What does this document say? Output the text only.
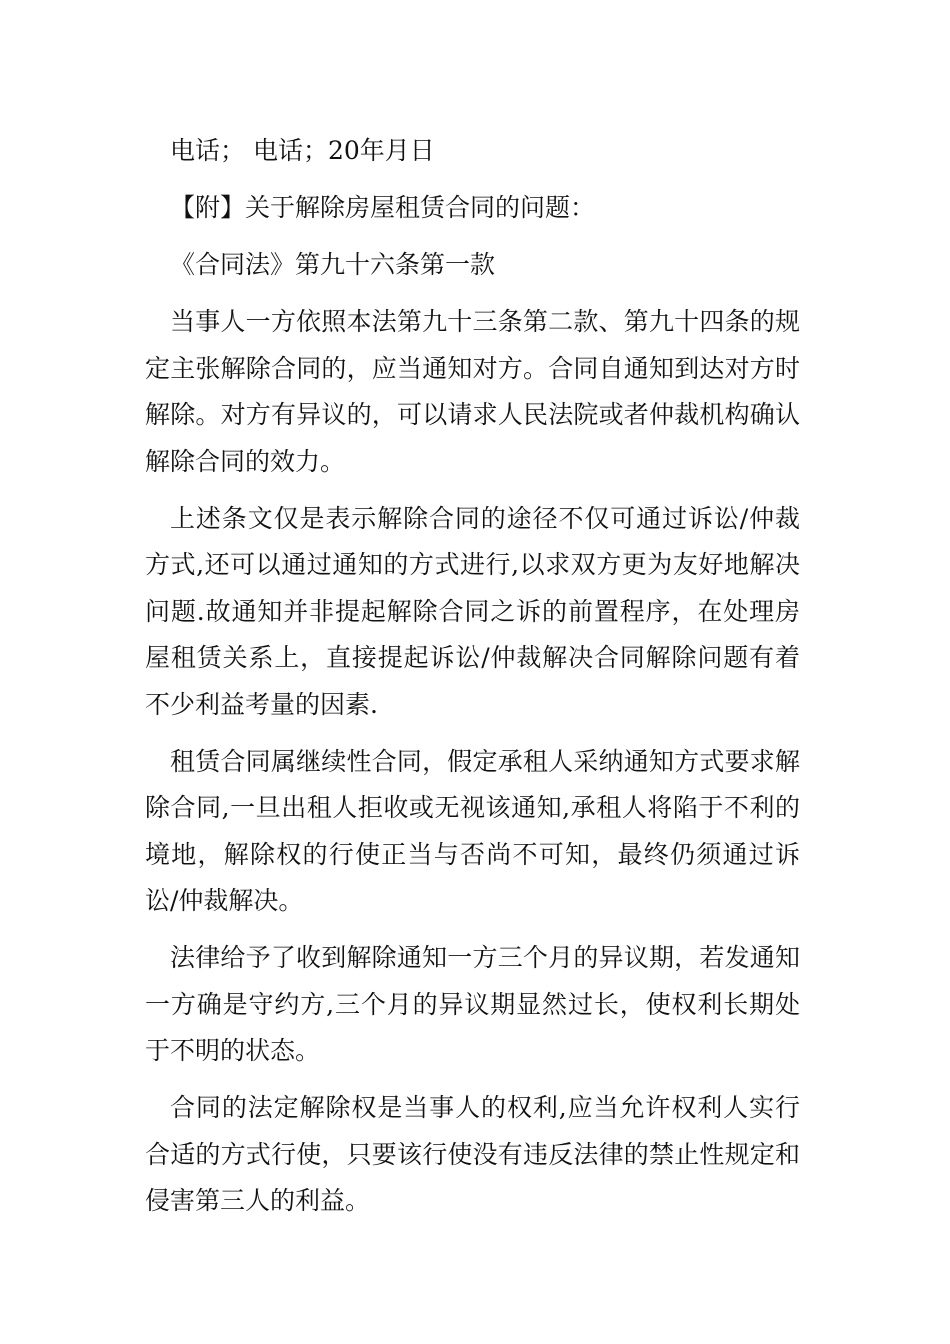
电话； 电话；20年月日

【附】关于解除房屋租赁合同的问题：

《合同法》第九十六条第一款

当事人一方依照本法第九十三条第二款、第九十四条的规定主张解除合同的，应当通知对方。合同自通知到达对方时解除。对方有异议的，可以请求人民法院或者仲裁机构确认解除合同的效力。

上述条文仅是表示解除合同的途径不仅可通过诉讼/仲裁方式,还可以通过通知的方式进行,以求双方更为友好地解决问题.故通知并非提起解除合同之诉的前置程序，在处理房屋租赁关系上，直接提起诉讼/仲裁解决合同解除问题有着不少利益考量的因素.

租赁合同属继续性合同，假定承租人采纳通知方式要求解除合同,一旦出租人拒收或无视该通知,承租人将陷于不利的境地，解除权的行使正当与否尚不可知，最终仍须通过诉讼/仲裁解决。

法律给予了收到解除通知一方三个月的异议期，若发通知一方确是守约方,三个月的异议期显然过长，使权利长期处于不明的状态。

合同的法定解除权是当事人的权利,应当允许权利人实行合适的方式行使，只要该行使没有违反法律的禁止性规定和侵害第三人的利益。
